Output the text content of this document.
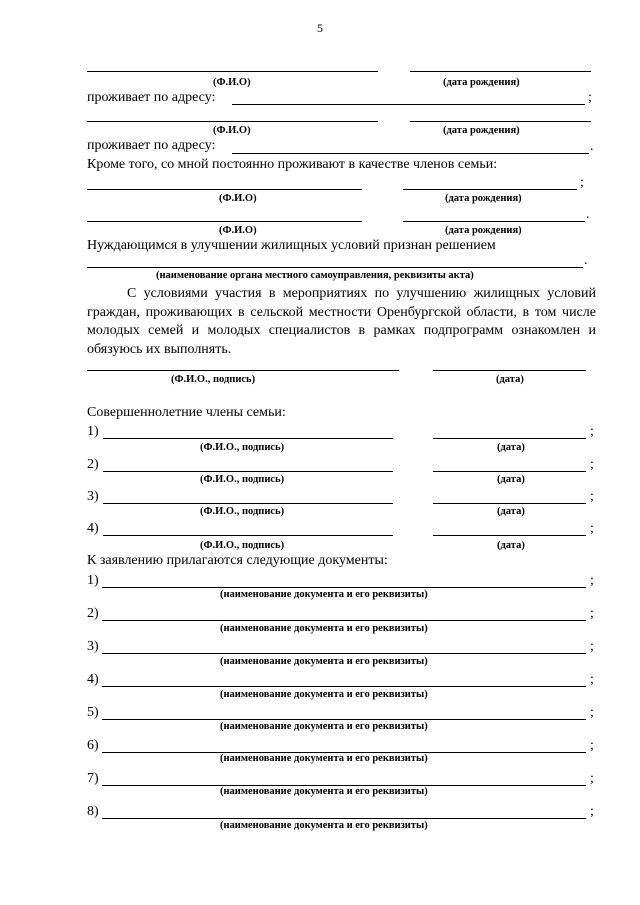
5
(Ф.И.О)	(дата рождения)
проживает по адресу:	;
(Ф.И.О)	(дата рождения)
проживает по адресу:	.
Кроме того, со мной постоянно проживают в качестве членов семьи:
;
(Ф.И.О)	(дата рождения)
.
(Ф.И.О)	(дата рождения)
Нуждающимся в улучшении жилищных условий признан решением
.
(наименование органа местного самоуправления, реквизиты акта)
С условиями участия в мероприятиях по улучшению жилищных условий граждан, проживающих в сельской местности Оренбургской области, в том числе молодых семей и молодых специалистов в рамках подпрограмм ознакомлен и обязуюсь их выполнять.
(Ф.И.О., подпись)	(дата)
Совершеннолетние члены семьи:
1)	;
(Ф.И.О., подпись)	(дата)
2)	;
(Ф.И.О., подпись)	(дата)
3)	;
(Ф.И.О., подпись)	(дата)
4)	;
(Ф.И.О., подпись)	(дата)
К заявлению прилагаются следующие документы:
1)	;
(наименование документа и его реквизиты)
2)	;
(наименование документа и его реквизиты)
3)	;
(наименование документа и его реквизиты)
4)	;
(наименование документа и его реквизиты)
5)	;
(наименование документа и его реквизиты)
6)	;
(наименование документа и его реквизиты)
7)	;
(наименование документа и его реквизиты)
8)	;
(наименование документа и его реквизиты)
